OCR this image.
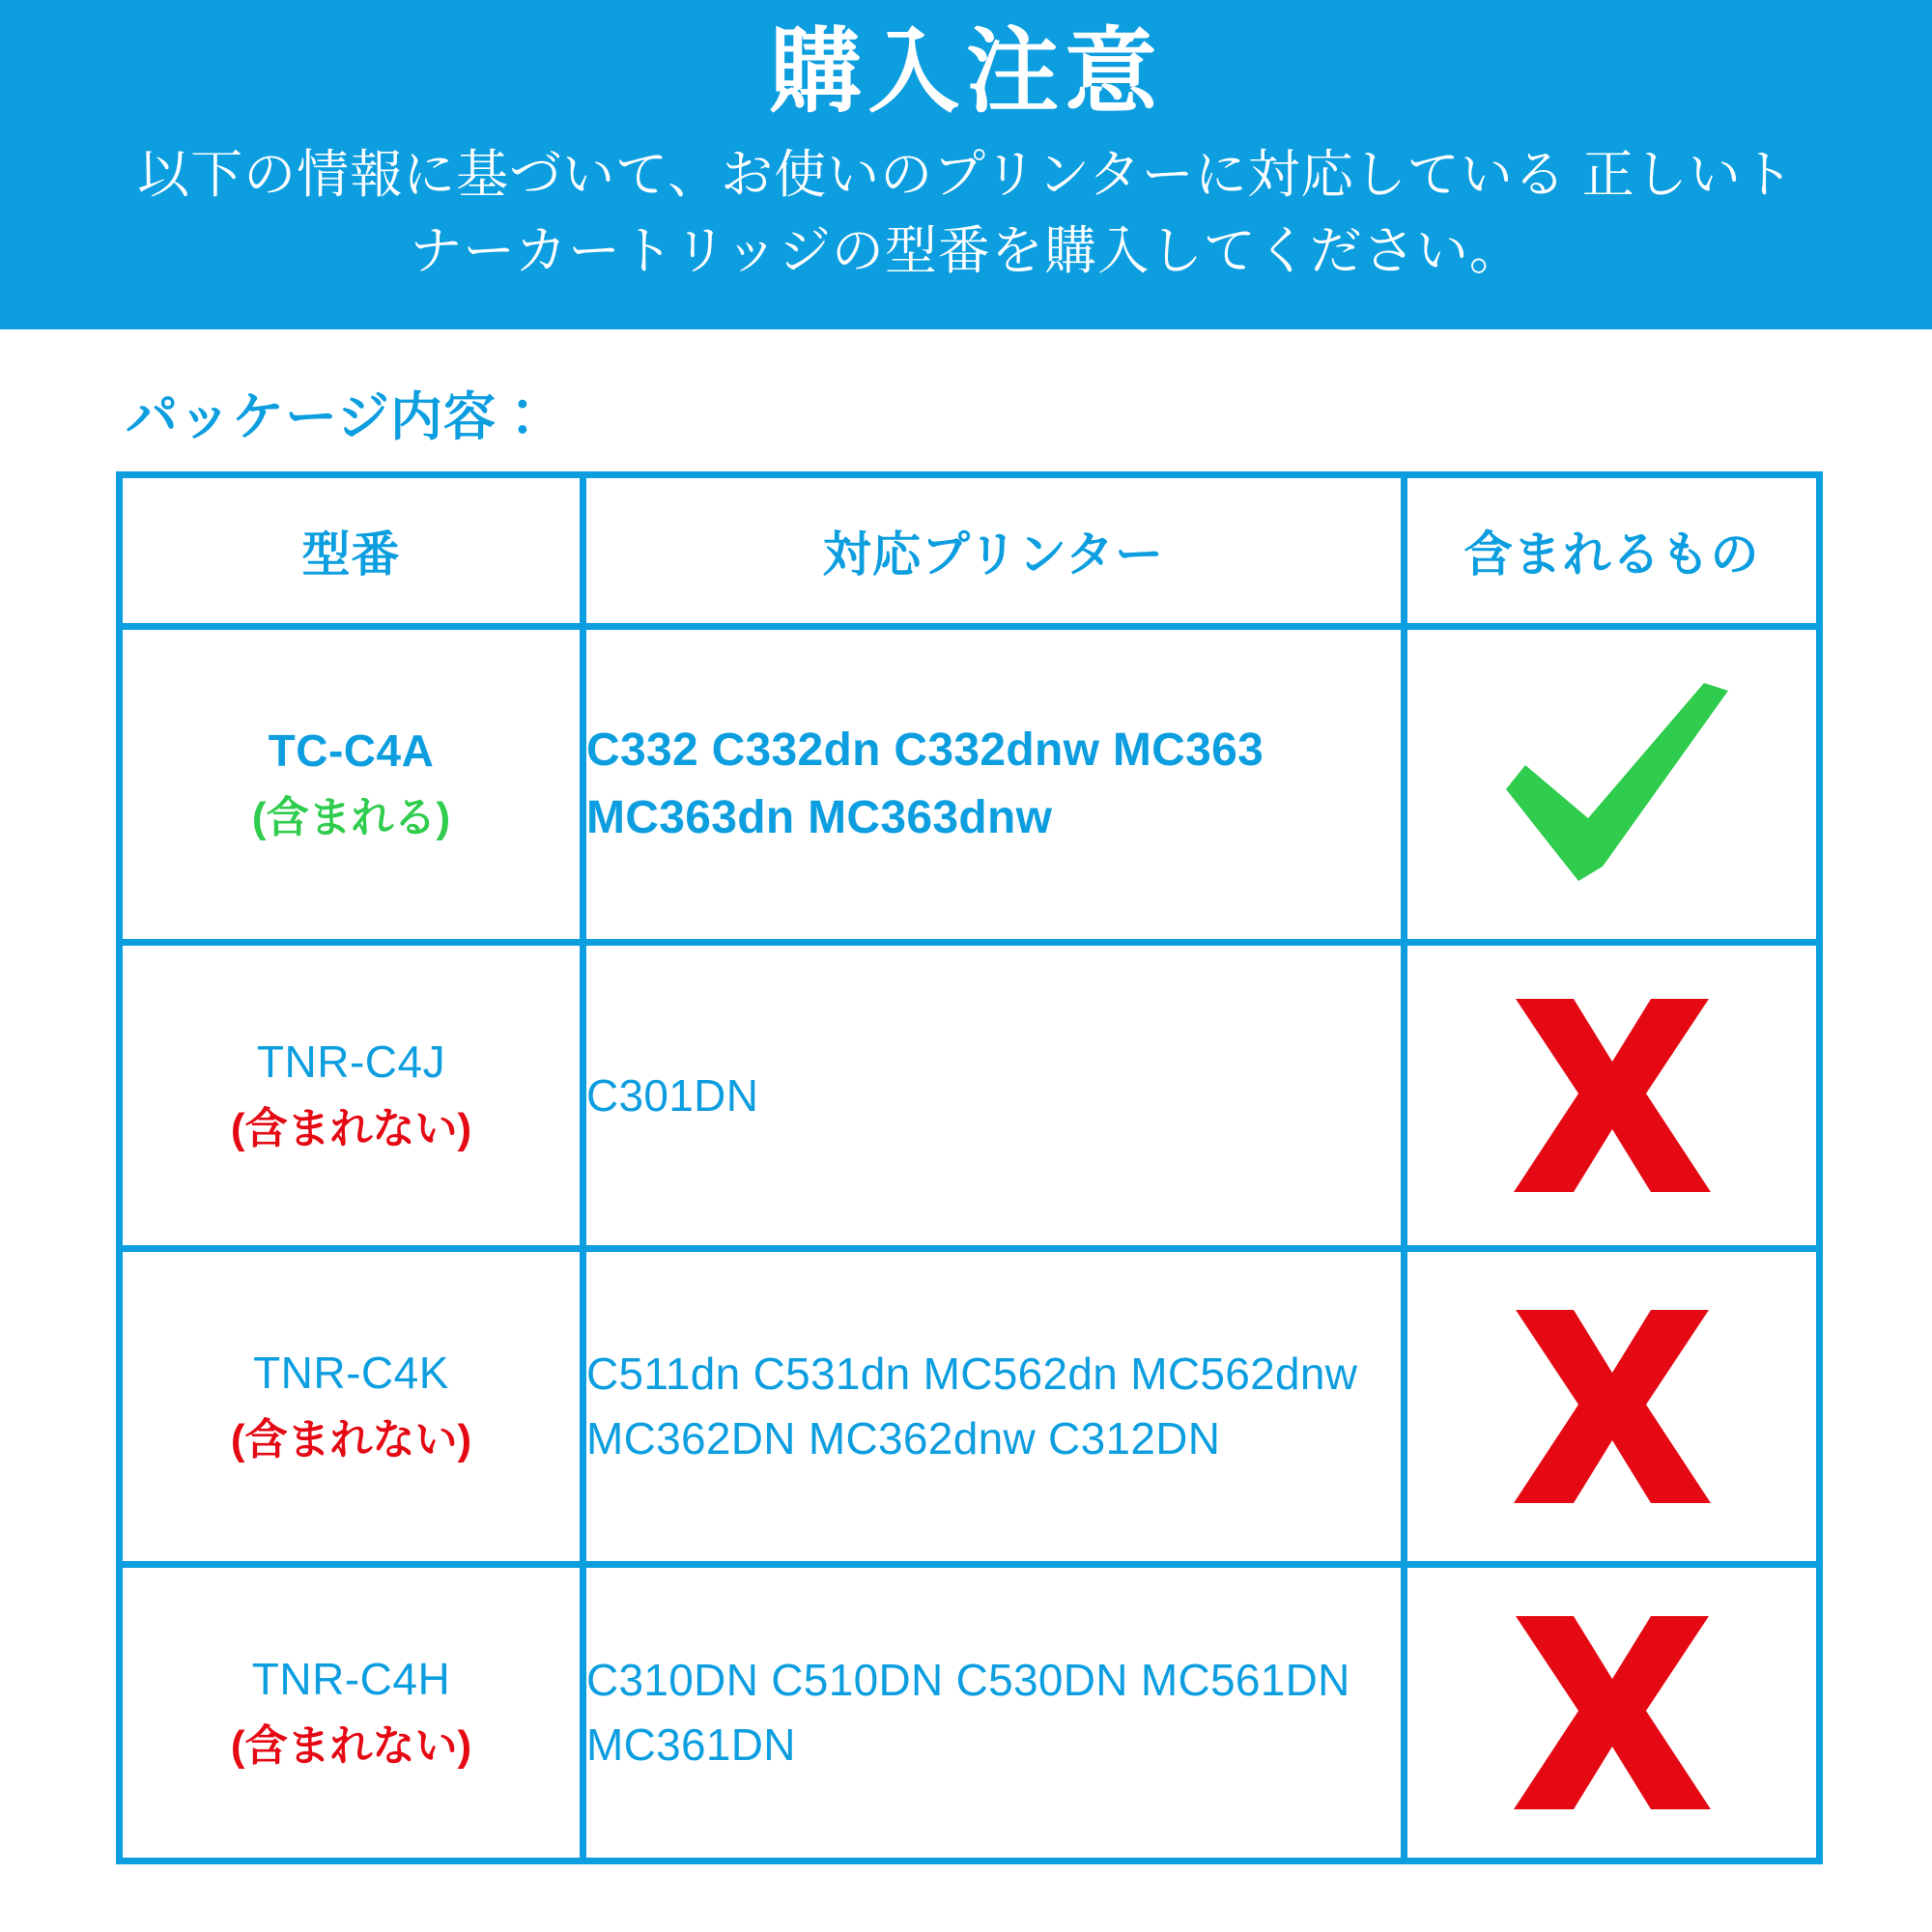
購入注意
以下の情報に基づいて、お使いのプリンターに対応している 正しいトナーカートリッジの型番を購入してください。
パッケージ内容：
型番	対応プリンター	含まれるもの

TC-C4A
(含まれる)	C332 C332dn C332dnw MC363 MC363dn MC363dnw

TNR-C4J
(含まれない)	C301DN

TNR-C4K
(含まれない)	C511dn C531dn MC562dn MC562dnw MC362DN MC362dnw C312DN

TNR-C4H
(含まれない)	C310DN C510DN C530DN MC561DN MC361DN
